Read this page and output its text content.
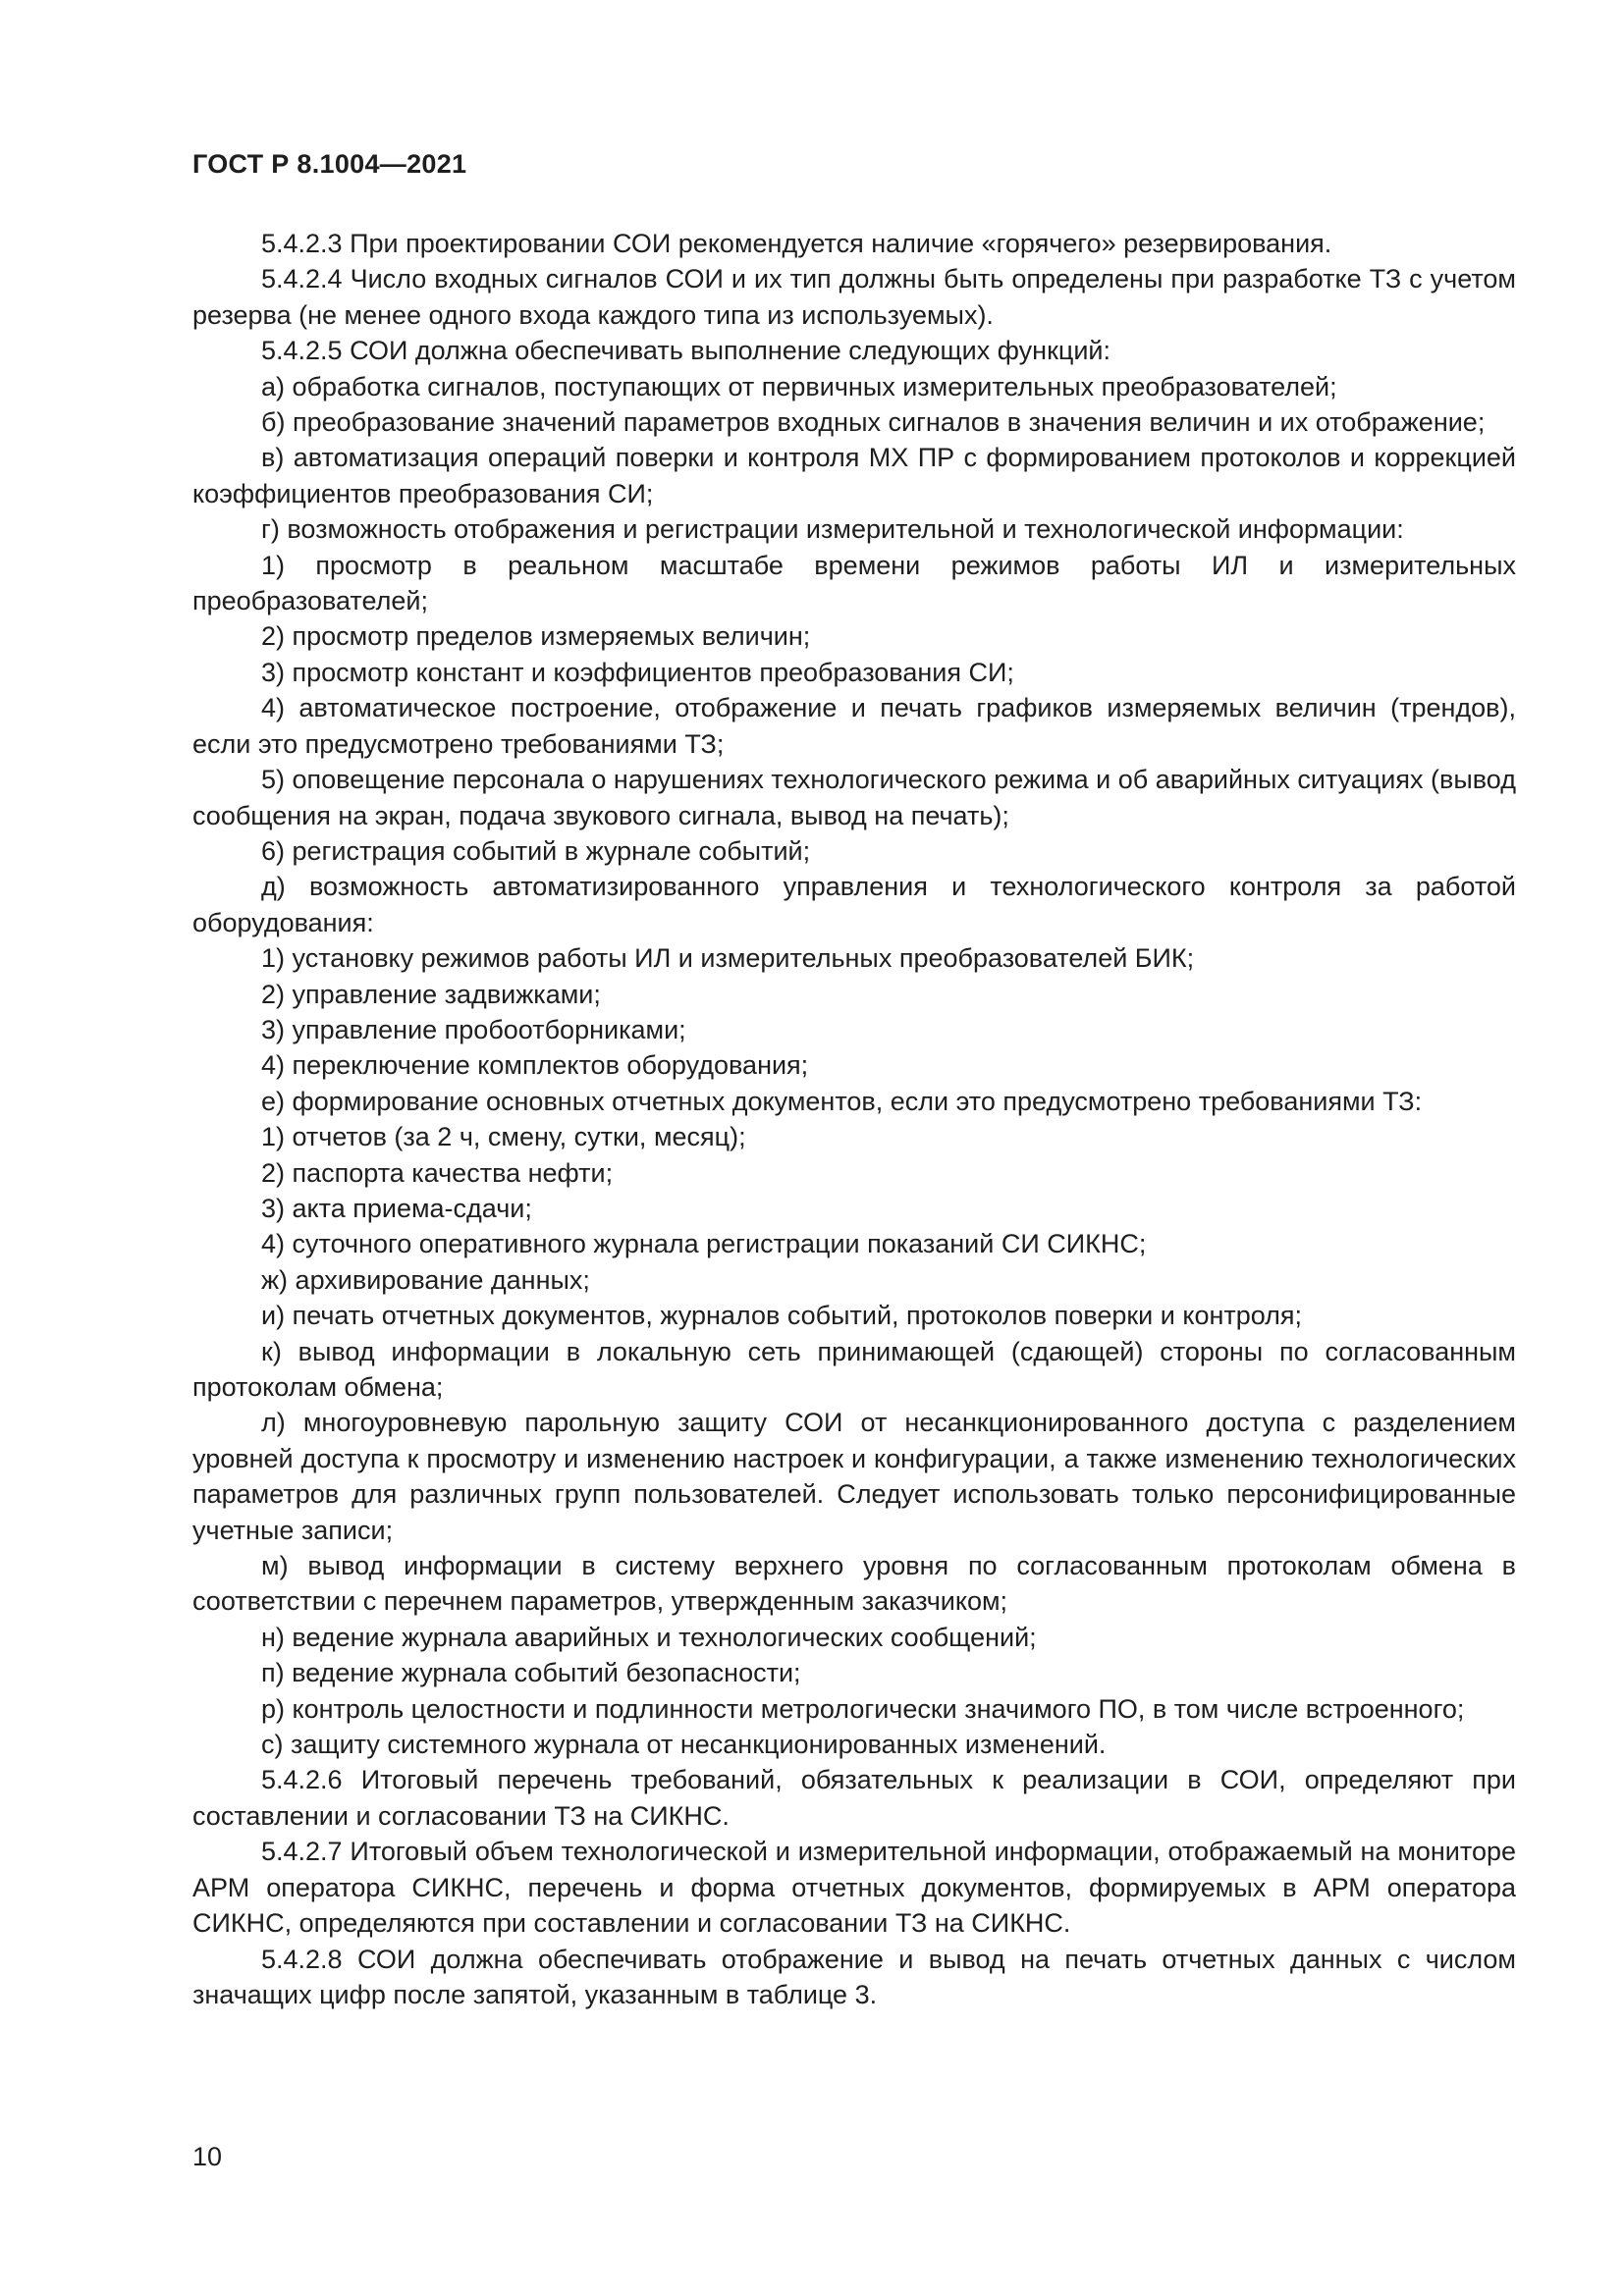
ГОСТ Р 8.1004—2021

5.4.2.3 При проектировании СОИ рекомендуется наличие «горячего» резервирования.

5.4.2.4 Число входных сигналов СОИ и их тип должны быть определены при разработке ТЗ с учетом резерва (не менее одного входа каждого типа из используемых).

5.4.2.5 СОИ должна обеспечивать выполнение следующих функций:

а) обработка сигналов, поступающих от первичных измерительных преобразователей;

б) преобразование значений параметров входных сигналов в значения величин и их отображение;

в) автоматизация операций поверки и контроля МХ ПР с формированием протоколов и коррекцией коэффициентов преобразования СИ;

г) возможность отображения и регистрации измерительной и технологической информации:

1) просмотр в реальном масштабе времени режимов работы ИЛ и измерительных преобразователей;

2) просмотр пределов измеряемых величин;

3) просмотр констант и коэффициентов преобразования СИ;

4) автоматическое построение, отображение и печать графиков измеряемых величин (трендов), если это предусмотрено требованиями ТЗ;

5) оповещение персонала о нарушениях технологического режима и об аварийных ситуациях (вывод сообщения на экран, подача звукового сигнала, вывод на печать);

6) регистрация событий в журнале событий;

д) возможность автоматизированного управления и технологического контроля за работой оборудования:

1) установку режимов работы ИЛ и измерительных преобразователей БИК;

2) управление задвижками;

3) управление пробоотборниками;

4) переключение комплектов оборудования;

е) формирование основных отчетных документов, если это предусмотрено требованиями ТЗ:

1) отчетов (за 2 ч, смену, сутки, месяц);

2) паспорта качества нефти;

3) акта приема-сдачи;

4) суточного оперативного журнала регистрации показаний СИ СИКНС;

ж) архивирование данных;

и) печать отчетных документов, журналов событий, протоколов поверки и контроля;

к) вывод информации в локальную сеть принимающей (сдающей) стороны по согласованным протоколам обмена;

л) многоуровневую парольную защиту СОИ от несанкционированного доступа с разделением уровней доступа к просмотру и изменению настроек и конфигурации, а также изменению технологических параметров для различных групп пользователей. Следует использовать только персонифицированные учетные записи;

м) вывод информации в систему верхнего уровня по согласованным протоколам обмена в соответствии с перечнем параметров, утвержденным заказчиком;

н) ведение журнала аварийных и технологических сообщений;

п) ведение журнала событий безопасности;

р) контроль целостности и подлинности метрологически значимого ПО, в том числе встроенного;

с) защиту системного журнала от несанкционированных изменений.

5.4.2.6 Итоговый перечень требований, обязательных к реализации в СОИ, определяют при составлении и согласовании ТЗ на СИКНС.

5.4.2.7 Итоговый объем технологической и измерительной информации, отображаемый на мониторе АРМ оператора СИКНС, перечень и форма отчетных документов, формируемых в АРМ оператора СИКНС, определяются при составлении и согласовании ТЗ на СИКНС.

5.4.2.8 СОИ должна обеспечивать отображение и вывод на печать отчетных данных с числом значащих цифр после запятой, указанным в таблице 3.

10
